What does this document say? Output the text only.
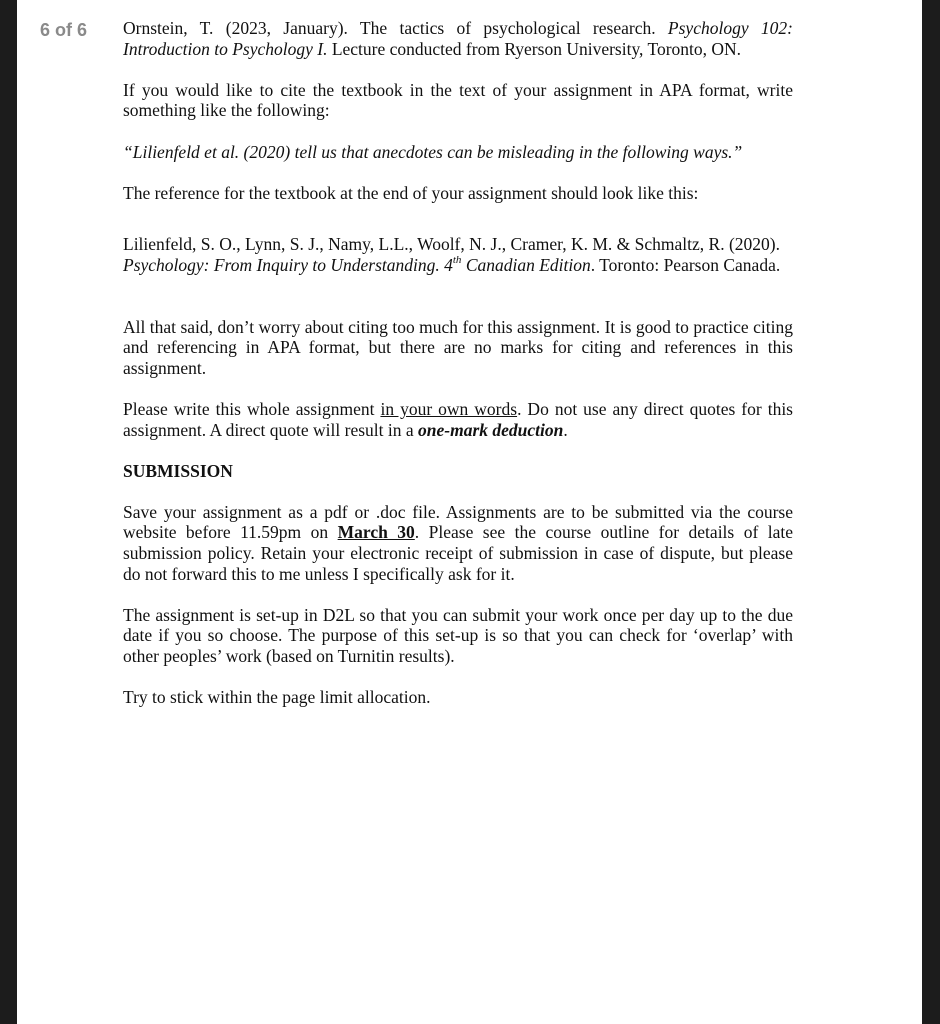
6 of 6 Ornstein, T. (2023, January). The tactics of psychological research. Psychology 102: Introduction to Psychology I. Lecture conducted from Ryerson University, Toronto, ON.

If you would like to cite the textbook in the text of your assignment in APA format, write something like the following:

“Lilienfeld et al. (2020) tell us that anecdotes can be misleading in the following ways.”

The reference for the textbook at the end of your assignment should look like this:

Lilienfeld, S. O., Lynn, S. J., Namy, L.L., Woolf, N. J., Cramer, K. M. & Schmaltz, R. (2020).
Psychology: From Inquiry to Understanding. 4th Canadian Edition. Toronto: Pearson Canada.

All that said, don’t worry about citing too much for this assignment. It is good to practice citing and referencing in APA format, but there are no marks for citing and references in this assignment.

Please write this whole assignment in your own words. Do not use any direct quotes for this assignment. A direct quote will result in a one-mark deduction.

SUBMISSION

Save your assignment as a pdf or .doc file. Assignments are to be submitted via the course website before 11.59pm on March 30. Please see the course outline for details of late submission policy. Retain your electronic receipt of submission in case of dispute, but please do not forward this to me unless I specifically ask for it.

The assignment is set-up in D2L so that you can submit your work once per day up to the due date if you so choose. The purpose of this set-up is so that you can check for ‘overlap’ with other peoples’ work (based on Turnitin results).

Try to stick within the page limit allocation.
